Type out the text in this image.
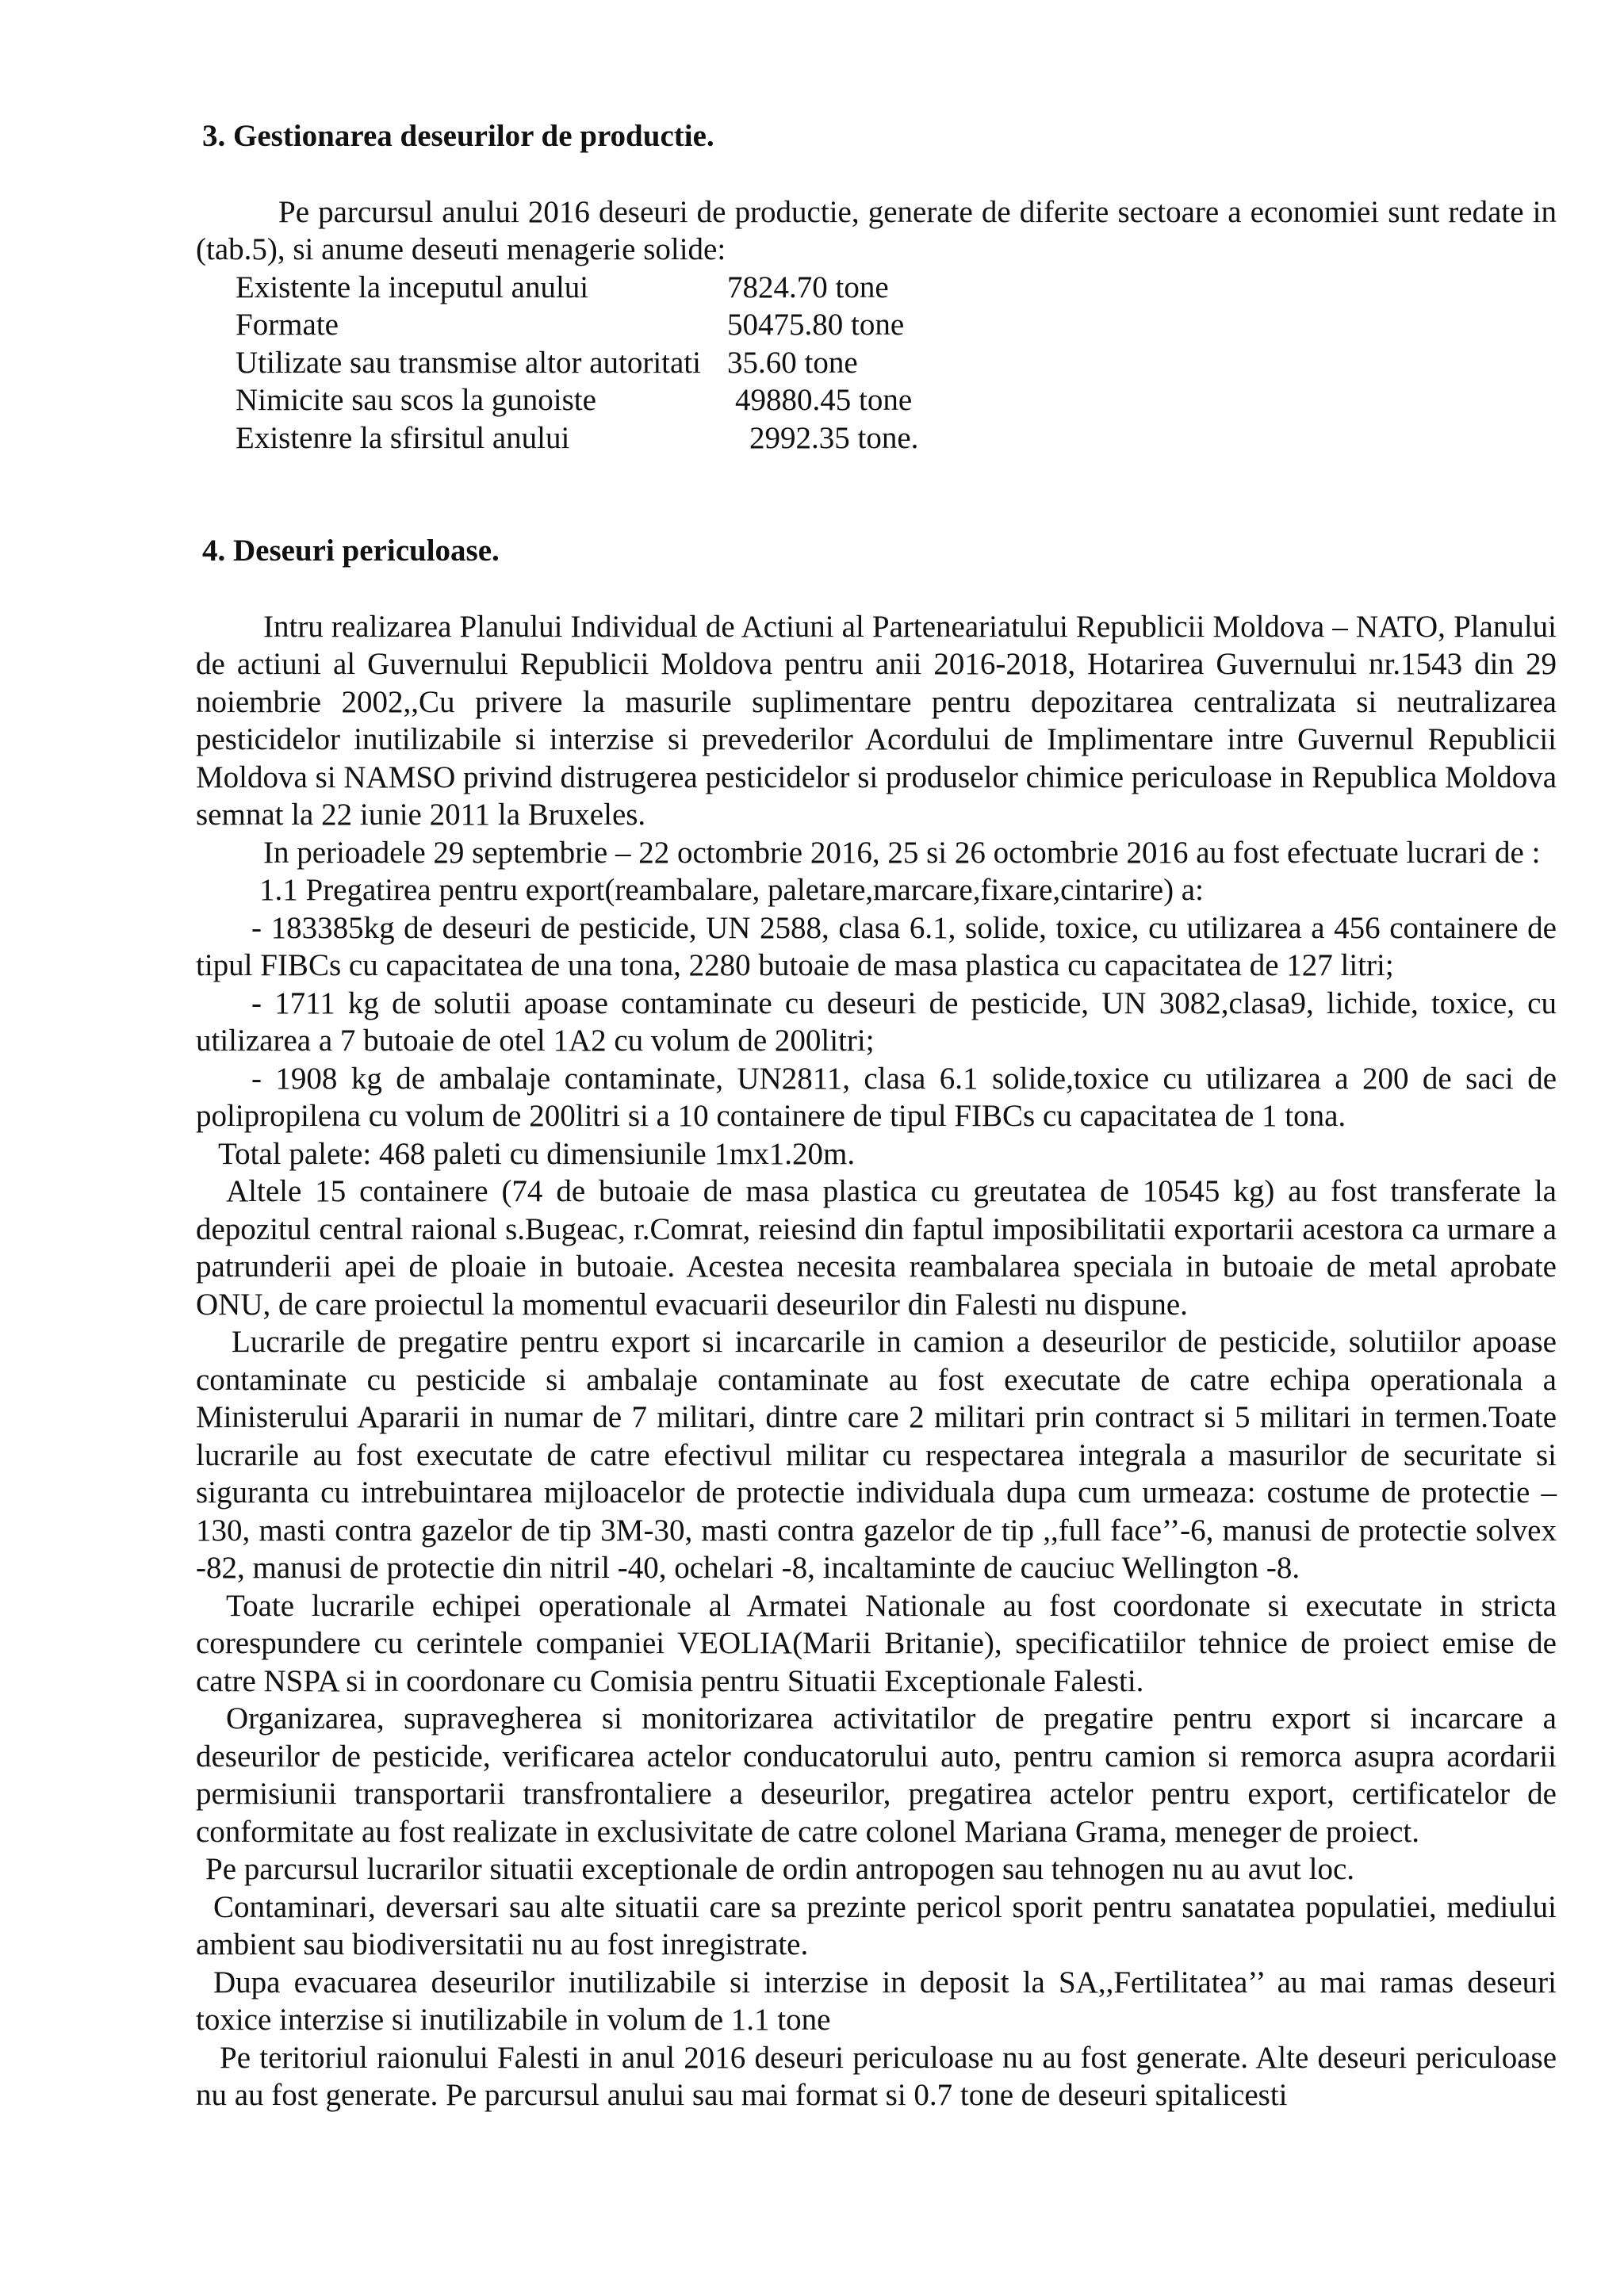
3. Gestionarea deseurilor de productie.

Pe parcursul anului 2016 deseuri de productie, generate de diferite sectoare a economiei sunt redate in (tab.5), si anume deseuti menagerie solide:

Existente la inceputul anului	7824.70 tone
Formate	50475.80 tone
Utilizate sau transmise altor autoritati 35.60 tone
Nimicite sau scos la gunoiste	49880.45 tone
Existenre la sfirsitul anului	2992.35 tone.
4. Deseuri periculoase.

Intru realizarea Planului Individual de Actiuni al Parteneariatului Republicii Moldova – NATO, Planului de actiuni al Guvernului Republicii Moldova pentru anii 2016-2018, Hotarirea Guvernului nr.1543 din 29 noiembrie 2002,,Cu privere la masurile suplimentare pentru depozitarea centralizata si neutralizarea pesticidelor inutilizabile si interzise si prevederilor Acordului de Implimentare intre Guvernul Republicii Moldova si NAMSO privind distrugerea pesticidelor si produselor chimice periculoase in Republica Moldova semnat la 22 iunie 2011 la Bruxeles.

In perioadele 29 septembrie – 22 octombrie 2016, 25 si 26 octombrie 2016 au fost efectuate lucrari de :

1.1 Pregatirea pentru export(reambalare, paletare,marcare,fixare,cintarire) a:

- 183385kg de deseuri de pesticide, UN 2588, clasa 6.1, solide, toxice, cu utilizarea a 456 containere de tipul FIBCs cu capacitatea de una tona, 2280 butoaie de masa plastica cu capacitatea de 127 litri;

- 1711 kg de solutii apoase contaminate cu deseuri de pesticide, UN 3082,clasa9, lichide, toxice, cu utilizarea a 7 butoaie de otel 1A2 cu volum de 200litri;

- 1908 kg de ambalaje contaminate, UN2811, clasa 6.1 solide,toxice cu utilizarea a 200 de saci de polipropilena cu volum de 200litri si a 10 containere de tipul FIBCs cu capacitatea de 1 tona.

Total palete: 468 paleti cu dimensiunile 1mx1.20m.

Altele 15 containere (74 de butoaie de masa plastica cu greutatea de 10545 kg) au fost transferate la depozitul central raional s.Bugeac, r.Comrat, reiesind din faptul imposibilitatii exportarii acestora ca urmare a patrunderii apei de ploaie in butoaie. Acestea necesita reambalarea speciala in butoaie de metal aprobate ONU, de care proiectul la momentul evacuarii deseurilor din Falesti nu dispune.

Lucrarile de pregatire pentru export si incarcarile in camion a deseurilor de pesticide, solutiilor apoase contaminate cu pesticide si ambalaje contaminate au fost executate de catre echipa operationala a Ministerului Apararii in numar de 7 militari, dintre care 2 militari prin contract si 5 militari in termen.Toate lucrarile au fost executate de catre efectivul militar cu respectarea integrala a masurilor de securitate si siguranta cu intrebuintarea mijloacelor de protectie individuala dupa cum urmeaza: costume de protectie – 130, masti contra gazelor de tip 3M-30, masti contra gazelor de tip ,,full face’’-6, manusi de protectie solvex -82, manusi de protectie din nitril -40, ochelari -8, incaltaminte de cauciuc Wellington -8.

Toate lucrarile echipei operationale al Armatei Nationale au fost coordonate si executate in stricta corespundere cu cerintele companiei VEOLIA(Marii Britanie), specificatiilor tehnice de proiect emise de catre NSPA si in coordonare cu Comisia pentru Situatii Exceptionale Falesti.

Organizarea, supravegherea si monitorizarea activitatilor de pregatire pentru export si incarcare a deseurilor de pesticide, verificarea actelor conducatorului auto, pentru camion si remorca asupra acordarii permisiunii transportarii transfrontaliere a deseurilor, pregatirea actelor pentru export, certificatelor de conformitate au fost realizate in exclusivitate de catre colonel Mariana Grama, meneger de proiect.

Pe parcursul lucrarilor situatii exceptionale de ordin antropogen sau tehnogen nu au avut loc.

Contaminari, deversari sau alte situatii care sa prezinte pericol sporit pentru sanatatea populatiei, mediului ambient sau biodiversitatii nu au fost inregistrate.

Dupa evacuarea deseurilor inutilizabile si interzise in deposit la SA,,Fertilitatea’’ au mai ramas deseuri toxice interzise si inutilizabile in volum de 1.1 tone

Pe teritoriul raionului Falesti in anul 2016 deseuri periculoase nu au fost generate. Alte deseuri periculoase nu au fost generate. Pe parcursul anului sau mai format si 0.7 tone de deseuri spitalicesti
